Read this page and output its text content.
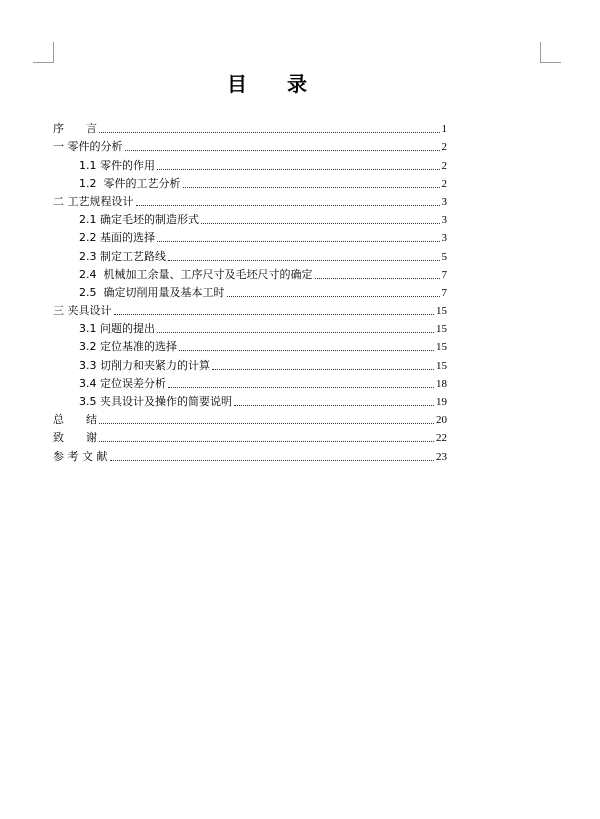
目录
序　　言	1
一 零件的分析	2
1.1 零件的作用	2
1.2  零件的工艺分析	2
二 工艺规程设计	3
2.1 确定毛坯的制造形式	3
2.2 基面的选择	3
2.3 制定工艺路线	5
2.4  机械加工余量、工序尺寸及毛坯尺寸的确定	7
2.5  确定切削用量及基本工时	7
三 夹具设计	15
3.1 问题的提出	15
3.2 定位基准的选择	15
3.3 切削力和夹紧力的计算	15
3.4 定位误差分析	18
3.5 夹具设计及操作的简要说明	19
总　　结	20
致　　谢	22
参 考 文 献	23
